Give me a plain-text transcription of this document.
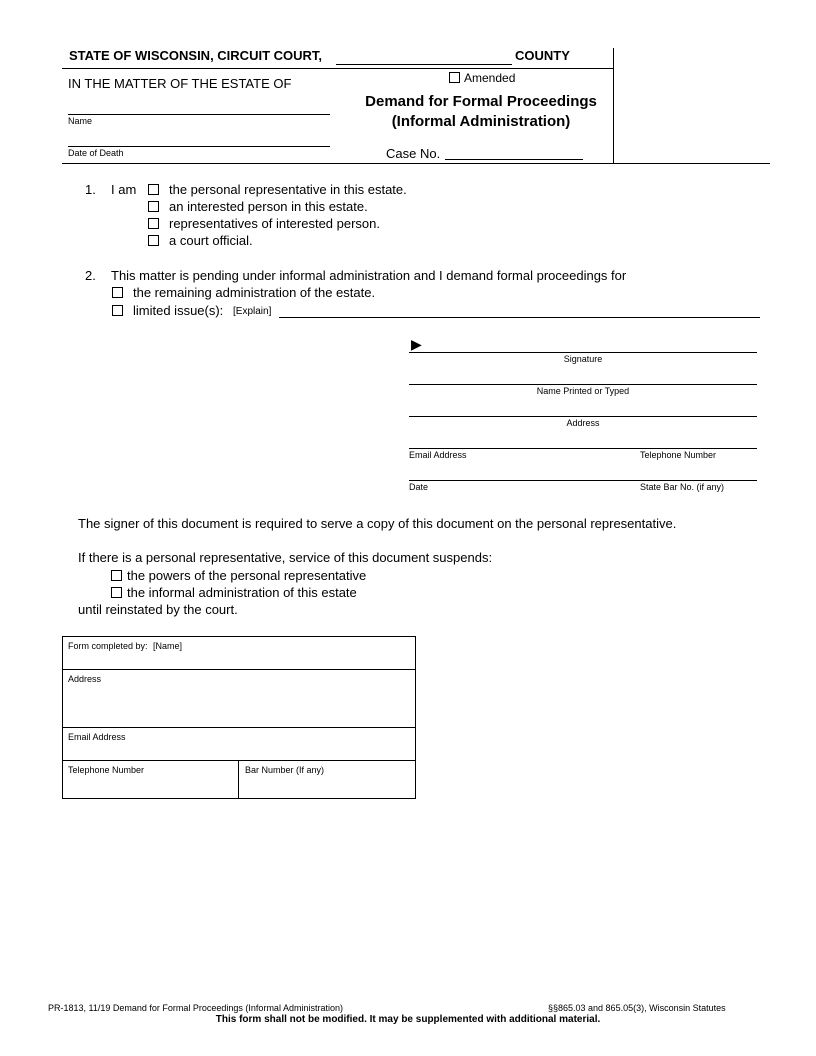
STATE OF WISCONSIN, CIRCUIT COURT,	COUNTY
IN THE MATTER OF THE ESTATE OF
Name
Date of Death
Amended
Demand for Formal Proceedings
(Informal Administration)
Case No.
1. I am	the personal representative in this estate.
an interested person in this estate.
representatives of interested person.
a court official.
2. This matter is pending under informal administration and I demand formal proceedings for
the remaining administration of the estate.
limited issue(s): [Explain]
▶
Signature
Name Printed or Typed
Address
Email Address	Telephone Number
Date	State Bar No. (if any)
The signer of this document is required to serve a copy of this document on the personal representative.
If there is a personal representative, service of this document suspends:
the powers of the personal representative
the informal administration of this estate
until reinstated by the court.
Form completed by: [Name]
Address
Email Address
Telephone Number	Bar Number (If any)
PR-1813, 11/19 Demand for Formal Proceedings (Informal Administration)	§§865.03 and 865.05(3), Wisconsin Statutes
This form shall not be modified. It may be supplemented with additional material.
